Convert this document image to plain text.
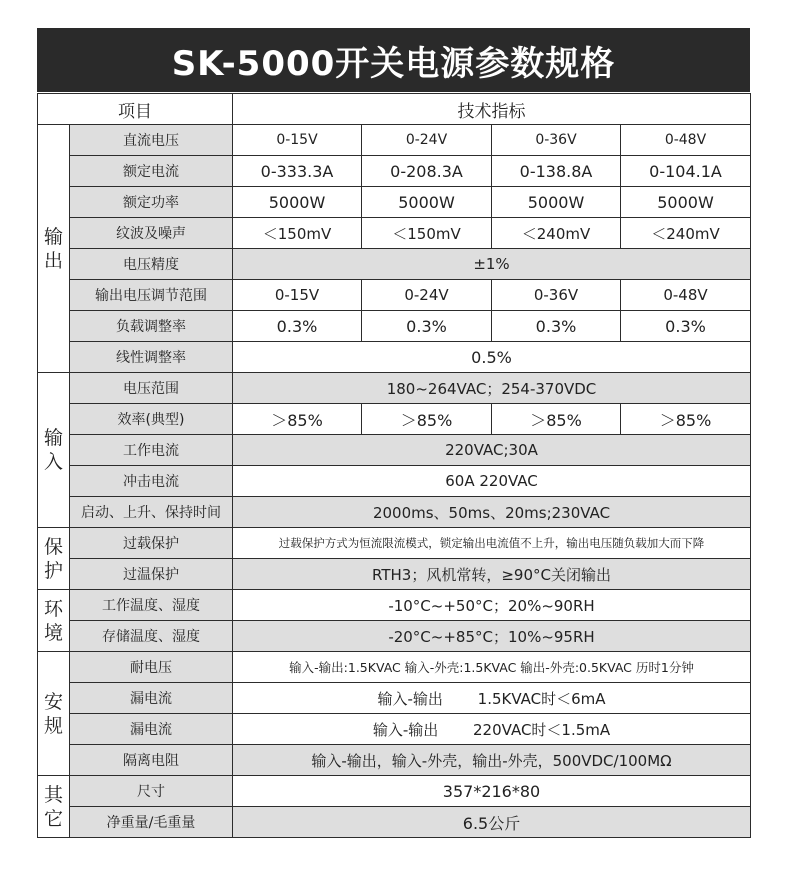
SK-5000开关电源参数规格
项目		技术指标			

输
出	直流电压	0-15V	0-24V	0-36V	0-48V
	额定电流	0-333.3A	0-208.3A	0-138.8A	0-104.1A
	额定功率	5000W	5000W	5000W	5000W
	纹波及噪声	＜150mV	＜150mV	＜240mV	＜240mV
	电压精度	±1%			
	输出电压调节范围	0-15V	0-24V	0-36V	0-48V
	负载调整率	0.3%	0.3%	0.3%	0.3%
	线性调整率	0.5%			

输
入	电压范围	180~264VAC；254-370VDC			
	效率(典型)	＞85%	＞85%	＞85%	＞85%
	工作电流	220VAC;30A			
	冲击电流	60A 220VAC			
	启动、上升、保持时间	2000ms、50ms、20ms;230VAC			

保
护	过载保护	过载保护方式为恒流限流模式，锁定输出电流值不上升，输出电压随负载加大而下降			
	过温保护	RTH3；风机常转，≥90°C关闭输出			

环
境	工作温度、湿度	-10°C~+50°C；20%~90RH			
	存储温度、湿度	-20°C~+85°C；10%~95RH			

安
规	耐电压	输入-输出:1.5KVAC 输入-外壳:1.5KVAC 输出-外壳:0.5KVAC 历时1分钟			
	漏电流	输入-输出　　 1.5KVAC时＜6mA			
	漏电流	输入-输出　　 220VAC时＜1.5mA			
	隔离电阻	输入-输出，输入-外壳，输出-外壳，500VDC/100MΩ			

其
它	尺寸	357*216*80			
	净重量/毛重量	6.5公斤			
